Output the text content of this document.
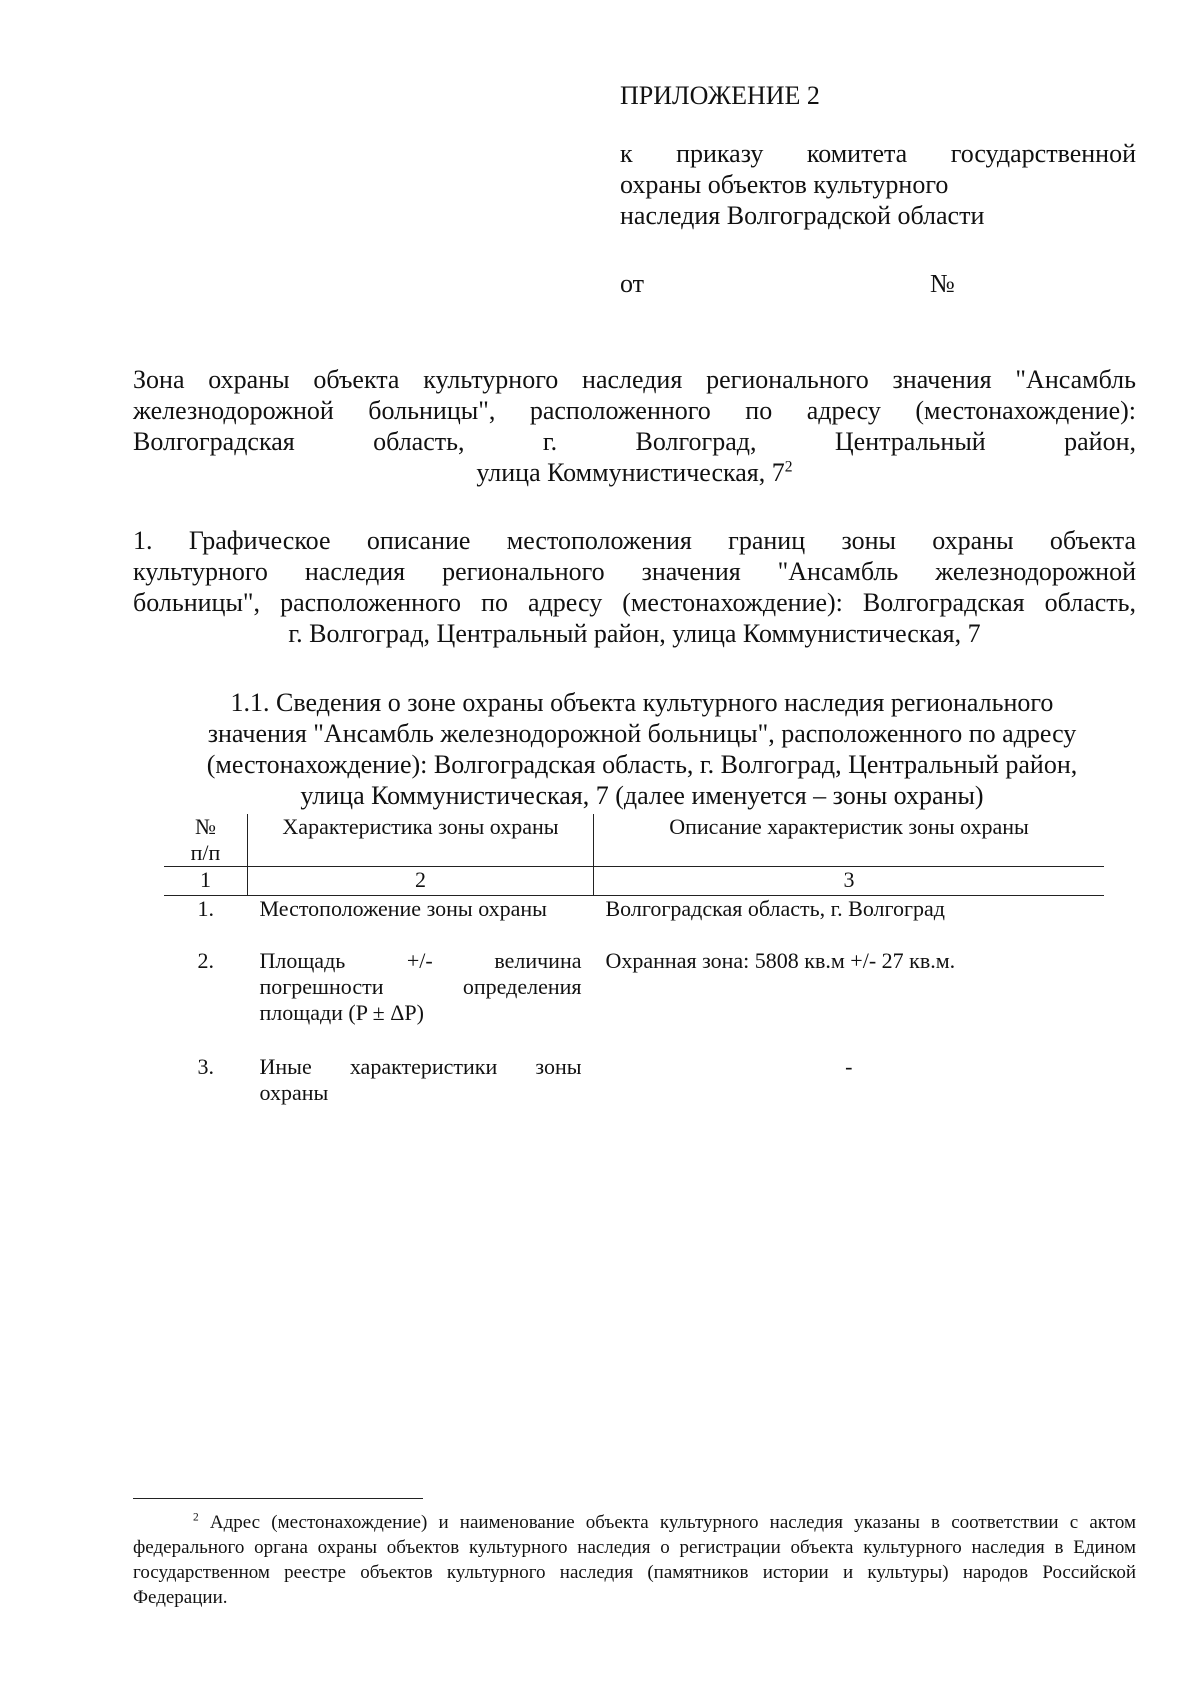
ПРИЛОЖЕНИЕ 2
к приказу комитета государственной
охраны объектов культурного
наследия Волгоградской области
от	№
Зона охраны объекта культурного наследия регионального значения "Ансамбль
железнодорожной больницы", расположенного по адресу (местонахождение):
Волгоградская область, г. Волгоград, Центральный район,
улица Коммунистическая, $7^2$
1. Графическое описание местоположения границ зоны охраны объекта
культурного наследия регионального значения "Ансамбль железнодорожной
больницы", расположенного по адресу (местонахождение): Волгоградская область,
г. Волгоград, Центральный район, улица Коммунистическая, 7
1.1. Сведения о зоне охраны объекта культурного наследия регионального
значения "Ансамбль железнодорожной больницы", расположенного по адресу
(местонахождение): Волгоградская область, г. Волгоград, Центральный район,
улица Коммунистическая, 7 (далее именуется – зоны охраны)
№ п/п	Характеристика зоны охраны	Описание характеристик зоны охраны

1	2	3
1.	Местоположение зоны охраны	Волгоградская область, г. Волгоград

2.	Площадь +/- величина погрешности определения площади (P ± ΔP)	Охранная зона: 5808 кв.м +/- 27 кв.м.

3.	Иные характеристики зоны охраны	-
$^2$ Адрес (местонахождение) и наименование объекта культурного наследия указаны в соответствии с актом
федерального органа охраны объектов культурного наследия о регистрации объекта культурного наследия в Едином
государственном реестре объектов культурного наследия (памятников истории и культуры) народов Российской
Федерации.
